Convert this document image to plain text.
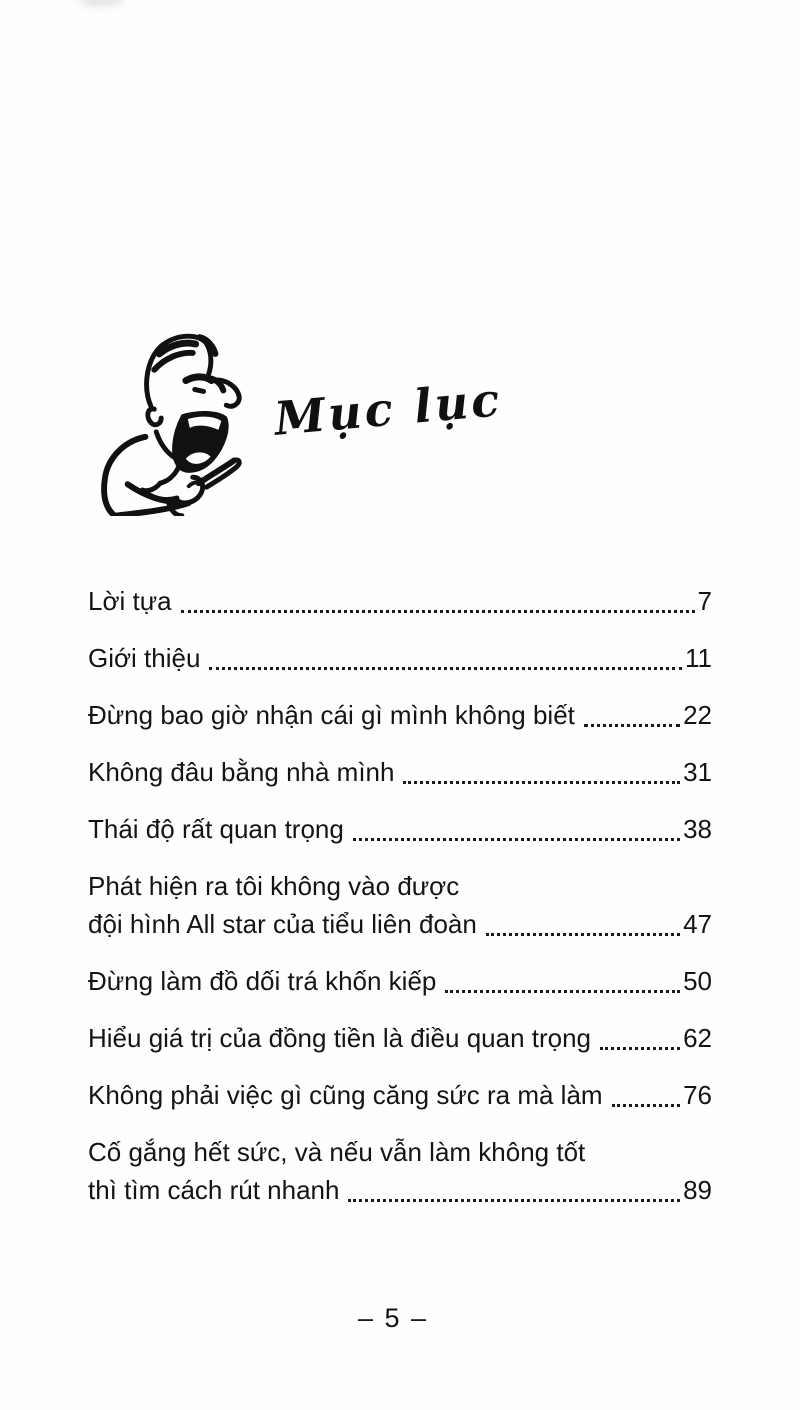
Mục lục
Lời tựa	7
Giới thiệu	11
Đừng bao giờ nhận cái gì mình không biết	22
Không đâu bằng nhà mình	31
Thái độ rất quan trọng	38
Phát hiện ra tôi không vào được
đội hình All star của tiểu liên đoàn	47
Đừng làm đồ dối trá khốn kiếp	50
Hiểu giá trị của đồng tiền là điều quan trọng	62
Không phải việc gì cũng căng sức ra mà làm	76
Cố gắng hết sức, và nếu vẫn làm không tốt
thì tìm cách rút nhanh	89
– 5 –
